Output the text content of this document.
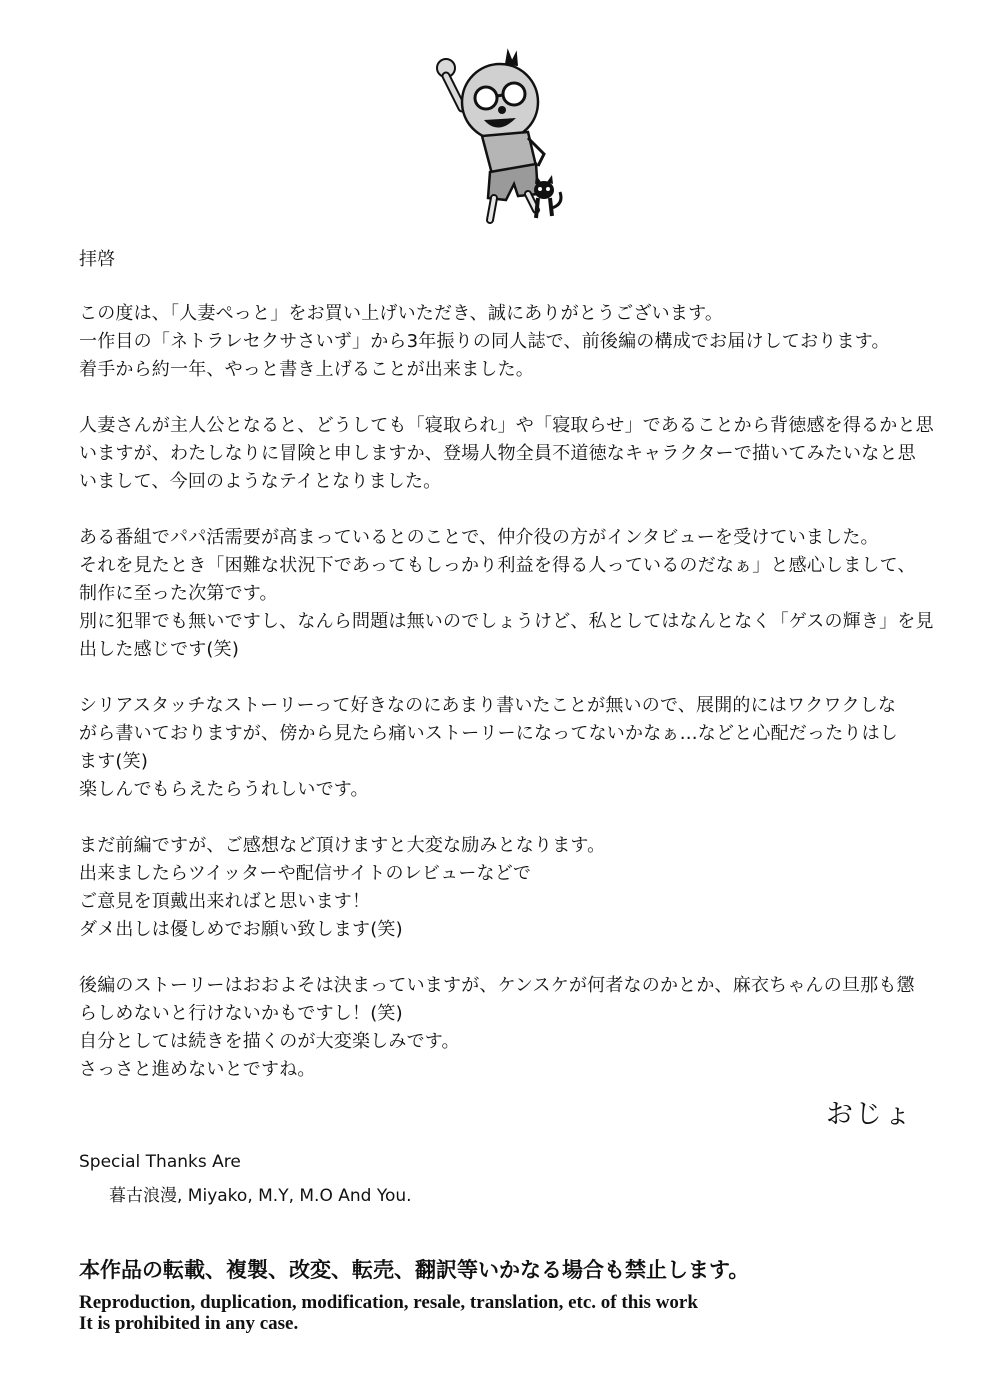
拝啓
この度は、「人妻ぺっと」をお買い上げいただき、誠にありがとうございます。
一作目の「ネトラレセクサさいず」から3年振りの同人誌で、前後編の構成でお届けしております。
着手から約一年、やっと書き上げることが出来ました。
人妻さんが主人公となると、どうしても「寝取られ」や「寝取らせ」であることから背徳感を得るかと思
いますが、わたしなりに冒険と申しますか、登場人物全員不道徳なキャラクターで描いてみたいなと思
いまして、今回のようなテイとなりました。
ある番組でパパ活需要が高まっているとのことで、仲介役の方がインタビューを受けていました。
それを見たとき「困難な状況下であってもしっかり利益を得る人っているのだなぁ」と感心しまして、
制作に至った次第です。
別に犯罪でも無いですし、なんら問題は無いのでしょうけど、私としてはなんとなく「ゲスの輝き」を見
出した感じです(笑)
シリアスタッチなストーリーって好きなのにあまり書いたことが無いので、展開的にはワクワクしな
がら書いておりますが、傍から見たら痛いストーリーになってないかなぁ…などと心配だったりはし
ます(笑)
楽しんでもらえたらうれしいです。
まだ前編ですが、ご感想など頂けますと大変な励みとなります。
出来ましたらツイッターや配信サイトのレビューなどで
ご意見を頂戴出来ればと思います！
ダメ出しは優しめでお願い致します(笑)
後編のストーリーはおおよそは決まっていますが、ケンスケが何者なのかとか、麻衣ちゃんの旦那も懲
らしめないと行けないかもですし！(笑)
自分としては続きを描くのが大変楽しみです。
さっさと進めないとですね。
おじょ
Special Thanks Are
暮古浪漫, Miyako, M.Y, M.O And You.
本作品の転載、複製、改変、転売、翻訳等いかなる場合も禁止します。
Reproduction, duplication, modification, resale, translation, etc. of this work
It is prohibited in any case.
